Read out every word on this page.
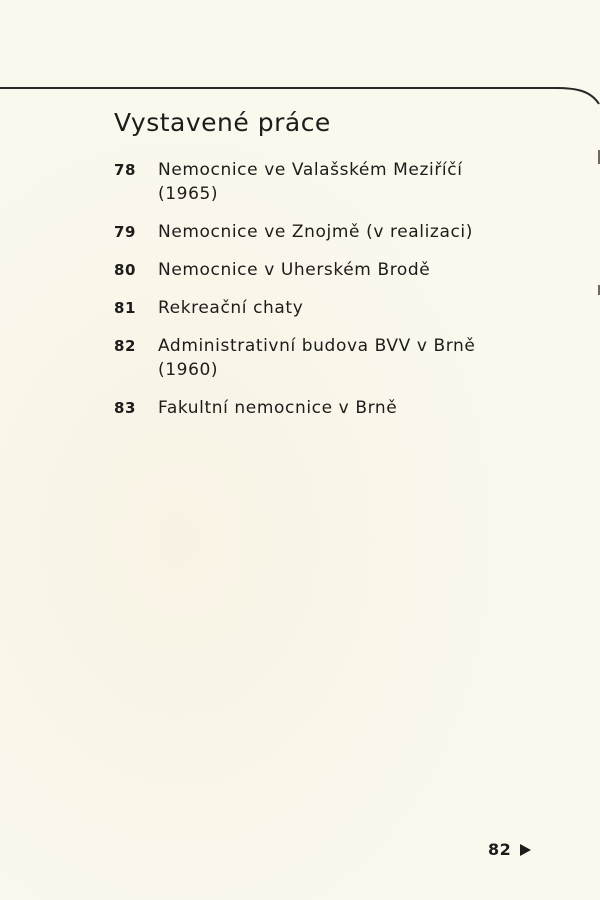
Vystavené práce
78	Nemocnice ve Valašském Meziříčí
(1965)
79	Nemocnice ve Znojmě (v realizaci)
80	Nemocnice v Uherském Brodě
81	Rekreační chaty
82	Administrativní budova BVV v Brně
(1960)
83	Fakultní nemocnice v Brně
82
